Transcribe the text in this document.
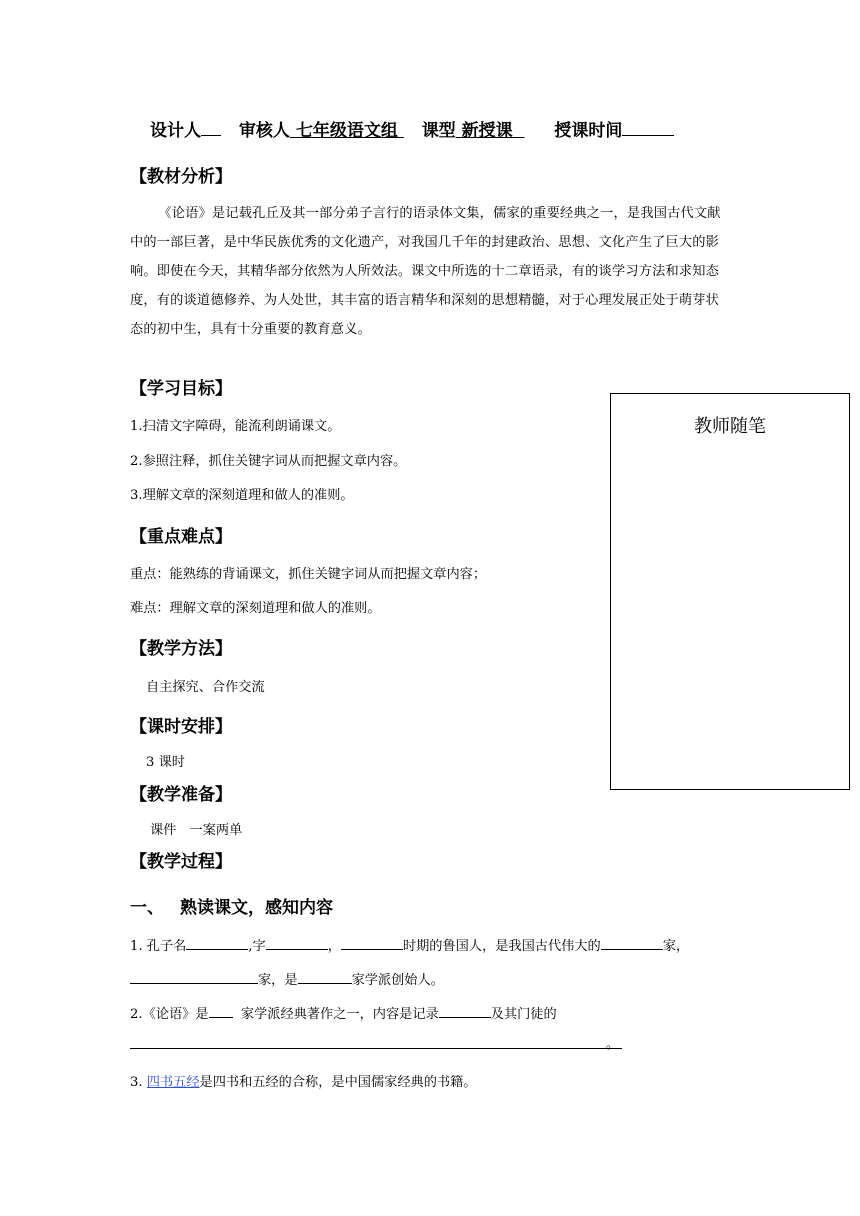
设计人 审核人 七年级语文组 课型 新授课 授课时间
【教材分析】
《论语》是记载孔丘及其一部分弟子言行的语录体文集，儒家的重要经典之一，是我国古代文献中的一部巨著，是中华民族优秀的文化遗产，对我国几千年的封建政治、思想、文化产生了巨大的影响。即使在今天，其精华部分依然为人所效法。课文中所选的十二章语录，有的谈学习方法和求知态度，有的谈道德修养、为人处世，其丰富的语言精华和深刻的思想精髓，对于心理发展正处于萌芽状态的初中生，具有十分重要的教育意义。
【学习目标】
1.扫清文字障碍，能流利朗诵课文。
2.参照注释，抓住关键字词从而把握文章内容。
3.理解文章的深刻道理和做人的准则。
【重点难点】
重点：能熟练的背诵课文，抓住关键字词从而把握文章内容；
难点：理解文章的深刻道理和做人的准则。
【教学方法】
自主探究、合作交流
【课时安排】
3 课时
【教学准备】
课件　一案两单
【教学过程】
教师随笔
一、 熟读课文，感知内容
1. 孔子名	,字	，	时期的鲁国人，是我国古代伟大的	家，
家，是	家学派创始人。
2.《论语》是 家学派经典著作之一，内容是记录	及其门徒的
。
3. 四书五经是四书和五经的合称，是中国儒家经典的书籍。
